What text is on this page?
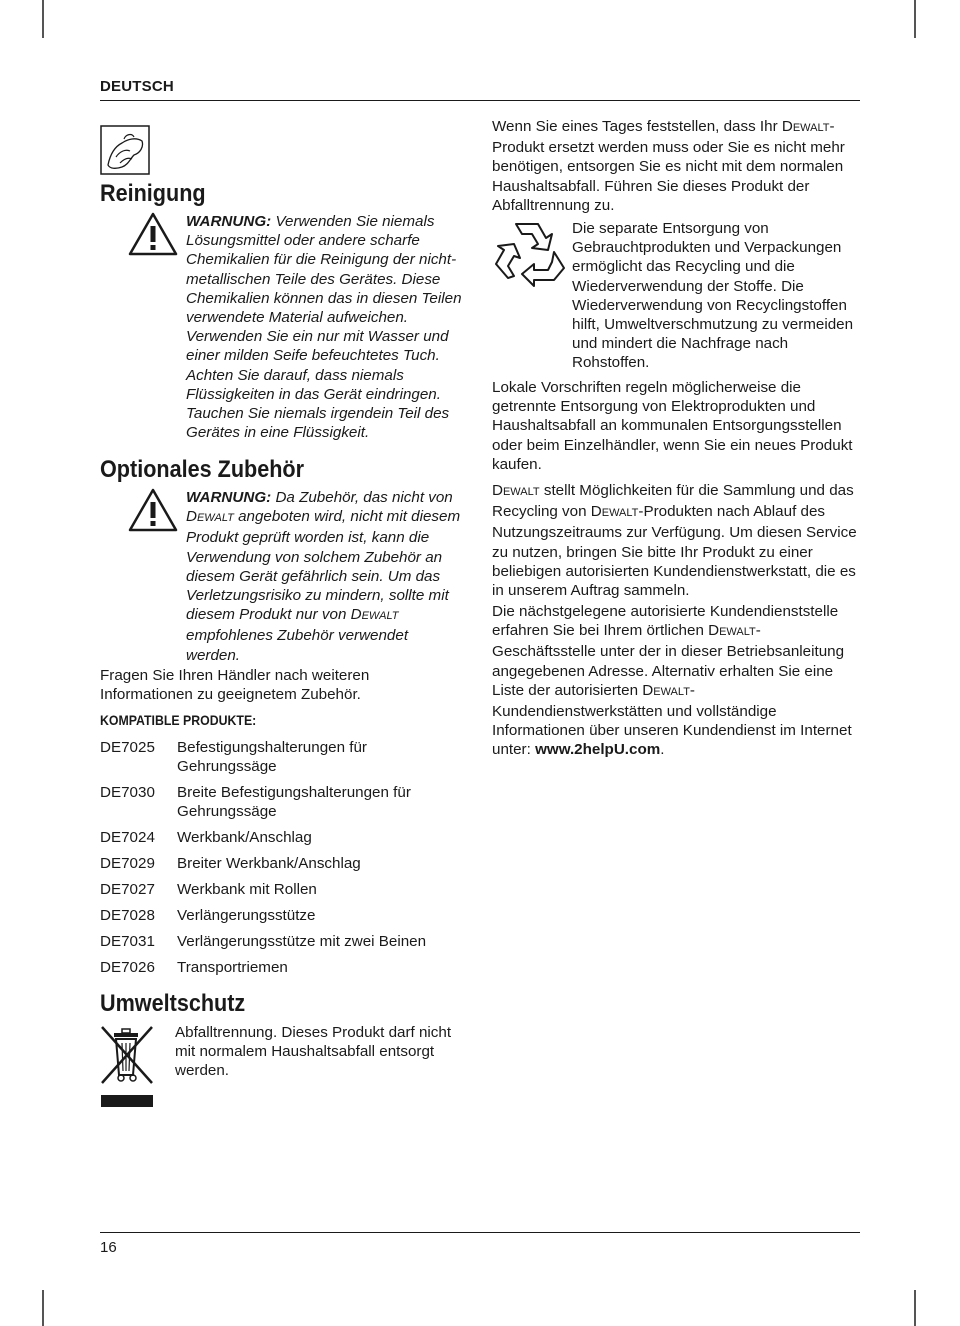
DEUTSCH
Reinigung
WARNUNG: Verwenden Sie niemals Lösungsmittel oder andere scharfe Chemikalien für die Reinigung der nicht-metallischen Teile des Gerätes. Diese Chemikalien können das in diesen Teilen verwendete Material aufweichen. Verwenden Sie ein nur mit Wasser und einer milden Seife befeuchtetes Tuch. Achten Sie darauf, dass niemals Flüssigkeiten in das Gerät eindringen. Tauchen Sie niemals irgendein Teil des Gerätes in eine Flüssigkeit.
Optionales Zubehör
WARNUNG: Da Zubehör, das nicht von DEWALT angeboten wird, nicht mit diesem Produkt geprüft worden ist, kann die Verwendung von solchem Zubehör an diesem Gerät gefährlich sein. Um das Verletzungsrisiko zu mindern, sollte mit diesem Produkt nur von DEWALT empfohlenes Zubehör verwendet werden.

Fragen Sie Ihren Händler nach weiteren Informationen zu geeignetem Zubehör.

KOMPATIBLE PRODUKTE:
DE7025 Befestigungshalterungen für Gehrungssäge
DE7030 Breite Befestigungshalterungen für Gehrungssäge
DE7024 Werkbank/Anschlag
DE7029 Breiter Werkbank/Anschlag
DE7027 Werkbank mit Rollen
DE7028 Verlängerungsstütze
DE7031 Verlängerungsstütze mit zwei Beinen
DE7026 Transportriemen
Umweltschutz

Abfalltrennung. Dieses Produkt darf nicht mit normalem Haushaltsabfall entsorgt werden.

Wenn Sie eines Tages feststellen, dass Ihr DEWALT-Produkt ersetzt werden muss oder Sie es nicht mehr benötigen, entsorgen Sie es nicht mit dem normalen Haushaltsabfall. Führen Sie dieses Produkt der Abfalltrennung zu.

Die separate Entsorgung von Gebrauchtprodukten und Verpackungen ermöglicht das Recycling und die Wiederverwendung der Stoffe. Die Wiederverwendung von Recyclingstoffen hilft, Umweltverschmutzung zu vermeiden und mindert die Nachfrage nach Rohstoffen.

Lokale Vorschriften regeln möglicherweise die getrennte Entsorgung von Elektroprodukten und Haushaltsabfall an kommunalen Entsorgungsstellen oder beim Einzelhändler, wenn Sie ein neues Produkt kaufen.

DEWALT stellt Möglichkeiten für die Sammlung und das Recycling von DEWALT-Produkten nach Ablauf des Nutzungszeitraums zur Verfügung. Um diesen Service zu nutzen, bringen Sie bitte Ihr Produkt zu einer beliebigen autorisierten Kundendienstwerkstatt, die es in unserem Auftrag sammeln.

Die nächstgelegene autorisierte Kundendienststelle erfahren Sie bei Ihrem örtlichen DEWALT-Geschäftsstelle unter der in dieser Betriebsanleitung angegebenen Adresse. Alternativ erhalten Sie eine Liste der autorisierten DEWALT-Kundendienstwerkstätten und vollständige Informationen über unseren Kundendienst im Internet unter: www.2helpU.com.

16
